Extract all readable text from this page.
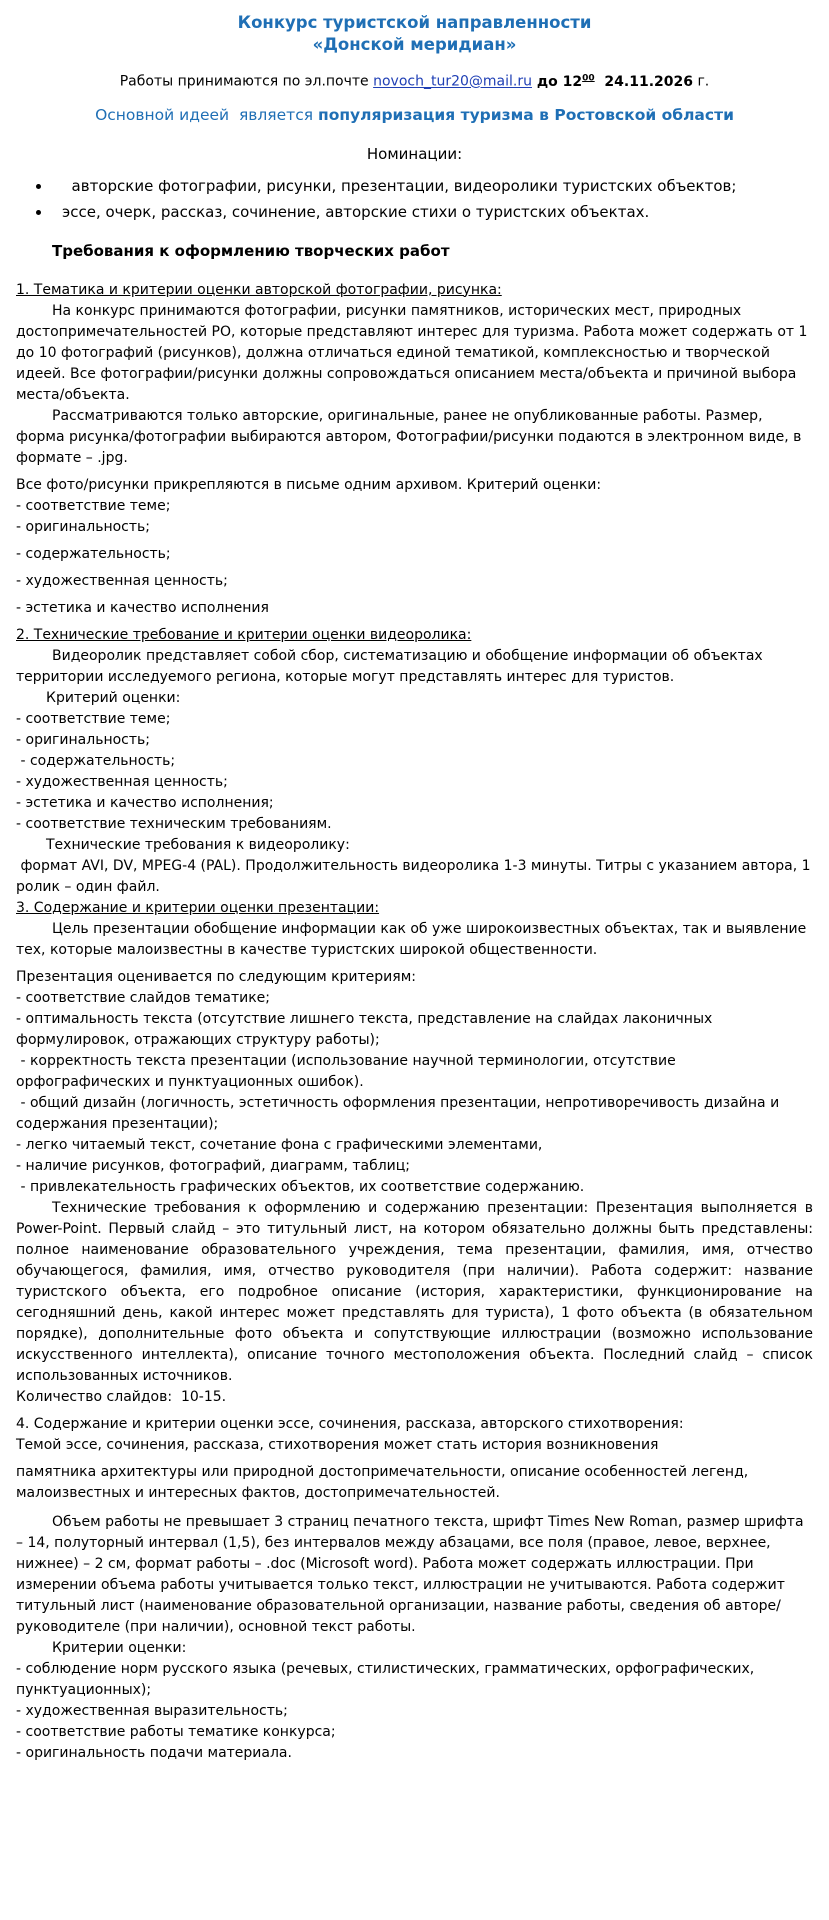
Конкурс туристской направленности
«Донской меридиан»
Работы принимаются по эл.почте novoch_tur20@mail.ru до $12^{00}$  24.11.2026 г.
Основной идеей  является популяризация туризма в Ростовской области
Номинации:
•   авторские фотографии, рисунки, презентации, видеоролики туристских объектов;
• эссе, очерк, рассказ, сочинение, авторские стихи о туристских объектах.
Требования к оформлению творческих работ

1. Тематика и критерии оценки авторской фотографии, рисунка:

На конкурс принимаются фотографии, рисунки памятников, исторических мест, природных достопримечательностей РО, которые представляют интерес для туризма. Работа может содержать от 1 до 10 фотографий (рисунков), должна отличаться единой тематикой, комплексностью и творческой идеей. Все фотографии/рисунки должны сопровождаться описанием места/объекта и причиной выбора места/объекта.

Рассматриваются только авторские, оригинальные, ранее не опубликованные работы. Размер, форма рисунка/фотографии выбираются автором, Фотографии/рисунки подаются в электронном виде, в формате – .jpg.

Все фото/рисунки прикрепляются в письме одним архивом. Критерий оценки:

- соответствие теме;

- оригинальность;

- содержательность;

- художественная ценность;

- эстетика и качество исполнения

2. Технические требование и критерии оценки видеоролика:

Видеоролик представляет собой сбор, систематизацию и обобщение информации об объектах территории исследуемого региона, которые могут представлять интерес для туристов.

Критерий оценки:

- соответствие теме;

- оригинальность;

- содержательность;

- художественная ценность;

- эстетика и качество исполнения;

- соответствие техническим требованиям.

Технические требования к видеоролику:

формат AVI, DV, MPEG-4 (PAL). Продолжительность видеоролика 1-3 минуты. Титры с указанием автора, 1 ролик – один файл.

3. Содержание и критерии оценки презентации:

Цель презентации обобщение информации как об уже широкоизвестных объектах, так и выявление тех, которые малоизвестны в качестве туристских широкой общественности.

Презентация оценивается по следующим критериям:

- соответствие слайдов тематике;

- оптимальность текста (отсутствие лишнего текста, представление на слайдах лаконичных формулировок, отражающих структуру работы);

- корректность текста презентации (использование научной терминологии, отсутствие орфографических и пунктуационных ошибок).

- общий дизайн (логичность, эстетичность оформления презентации, непротиворечивость дизайна и содержания презентации);

- легко читаемый текст, сочетание фона с графическими элементами,

- наличие рисунков, фотографий, диаграмм, таблиц;

- привлекательность графических объектов, их соответствие содержанию.

Технические требования к оформлению и содержанию презентации: Презентация выполняется в Power-Point. Первый слайд – это титульный лист, на котором обязательно должны быть представлены: полное наименование образовательного учреждения, тема презентации, фамилия, имя, отчество обучающегося, фамилия, имя, отчество руководителя (при наличии). Работа содержит: название туристского объекта, его подробное описание (история, характеристики, функционирование на сегодняшний день, какой интерес может представлять для туриста), 1 фото объекта (в обязательном порядке), дополнительные фото объекта и сопутствующие иллюстрации (возможно использование искусственного интеллекта), описание точного местоположения объекта. Последний слайд – список использованных источников.

Количество слайдов:  10-15.

4. Содержание и критерии оценки эссе, сочинения, рассказа, авторского стихотворения:

Темой эссе, сочинения, рассказа, стихотворения может стать история возникновения

памятника архитектуры или природной достопримечательности, описание особенностей легенд, малоизвестных и интересных фактов, достопримечательностей.

Объем работы не превышает 3 страниц печатного текста, шрифт Times New Roman, размер шрифта – 14, полуторный интервал (1,5), без интервалов между абзацами, все поля (правое, левое, верхнее, нижнее) – 2 см, формат работы – .doc (Microsoft word). Работа может содержать иллюстрации. При измерении объема работы учитывается только текст, иллюстрации не учитываются. Работа содержит титульный лист (наименование образовательной организации, название работы, сведения об авторе/ руководителе (при наличии), основной текст работы.

Критерии оценки:

- соблюдение норм русского языка (речевых, стилистических, грамматических, орфографических, пунктуационных);

- художественная выразительность;

- соответствие работы тематике конкурса;

- оригинальность подачи материала.
